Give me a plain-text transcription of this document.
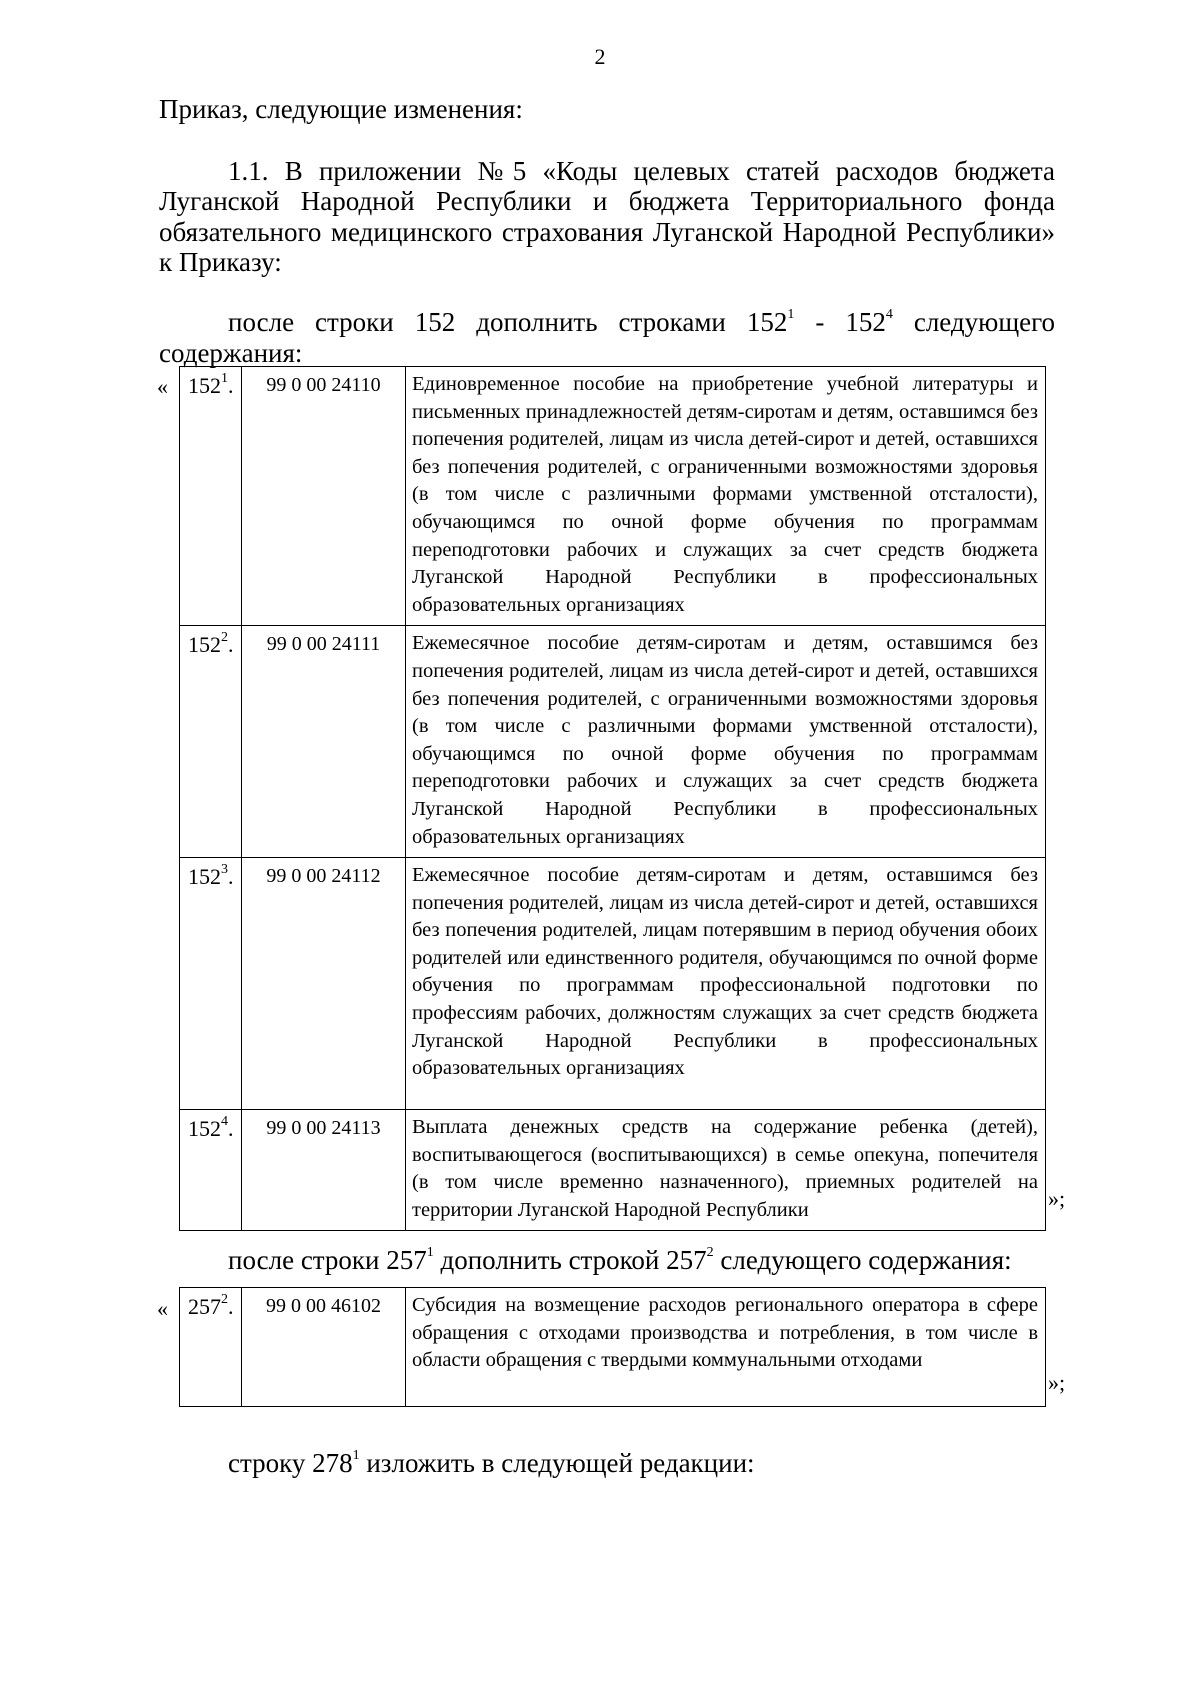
2
Приказ, следующие изменения:
1.1. В приложении №5 «Коды целевых статей расходов бюджета
Луганской Народной Республики и бюджета Территориального фонда
обязательного медицинского страхования Луганской Народной Республики»
к Приказу:
после строки 152 дополнить строками $152^1 - 152^4$ следующего
содержания:
«
»;
$152^1$.	99 0 00 24110	Единовременное пособие на приобретение учебной литературы и письменных принадлежностей детям-сиротам и детям, оставшимся без попечения родителей, лицам из числа детей-сирот и детей, оставшихся без попечения родителей, с ограниченными возможностями здоровья (в том числе с различными формами умственной отсталости), обучающимся по очной форме обучения по программам переподготовки рабочих и служащих за счет средств бюджета Луганской Народной Республики в профессиональных образовательных организациях
$152^2$.	99 0 00 24111	Ежемесячное пособие детям-сиротам и детям, оставшимся без попечения родителей, лицам из числа детей-сирот и детей, оставшихся без попечения родителей, с ограниченными возможностями здоровья (в том числе с различными формами умственной отсталости), обучающимся по очной форме обучения по программам переподготовки рабочих и служащих за счет средств бюджета Луганской Народной Республики в профессиональных образовательных организациях
$152^3$.	99 0 00 24112	Ежемесячное пособие детям-сиротам и детям, оставшимся без попечения родителей, лицам из числа детей-сирот и детей, оставшихся без попечения родителей, лицам потерявшим в период обучения обоих родителей или единственного родителя, обучающимся по очной форме обучения по программам профессиональной подготовки по профессиям рабочих, должностям служащих за счет средств бюджета Луганской Народной Республики в профессиональных образовательных организациях
$152^4$.	99 0 00 24113	Выплата денежных средств на содержание ребенка (детей), воспитывающегося (воспитывающихся) в семье опекуна, попечителя (в том числе временно назначенного), приемных родителей на территории Луганской Народной Республики
после строки $257^1$ дополнить строкой $257^2$ следующего содержания:
«
»;
$257^2$.	99 0 00 46102	Субсидия на возмещение расходов регионального оператора в сфере обращения с отходами производства и потребления, в том числе в области обращения с твердыми коммунальными отходами
строку $278^1$ изложить в следующей редакции:
